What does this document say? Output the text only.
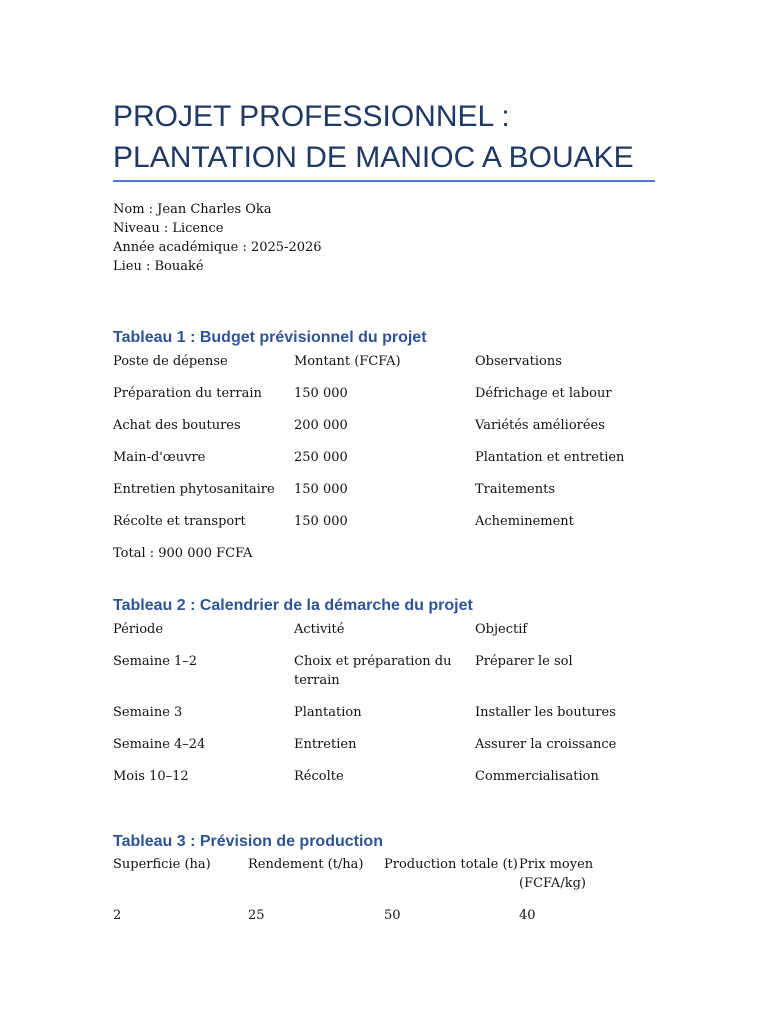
PROJET PROFESSIONNEL : PLANTATION DE MANIOC A BOUAKE
Nom : Jean Charles Oka
Niveau : Licence
Année académique : 2025-2026
Lieu : Bouaké
Tableau 1 : Budget prévisionnel du projet
Poste de dépense	Montant (FCFA)	Observations
Préparation du terrain	150 000	Défrichage et labour
Achat des boutures	200 000	Variétés améliorées
Main-d'œuvre	250 000	Plantation et entretien
Entretien phytosanitaire	150 000	Traitements
Récolte et transport	150 000	Acheminement
Total : 900 000 FCFA
Tableau 2 : Calendrier de la démarche du projet
Période	Activité	Objectif
Semaine 1–2	Choix et préparation du terrain	Préparer le sol
Semaine 3	Plantation	Installer les boutures
Semaine 4–24	Entretien	Assurer la croissance
Mois 10–12	Récolte	Commercialisation
Tableau 3 : Prévision de production
Superficie (ha)	Rendement (t/ha)	Production totale (t)	Prix moyen (FCFA/kg)
2	25	50	40
